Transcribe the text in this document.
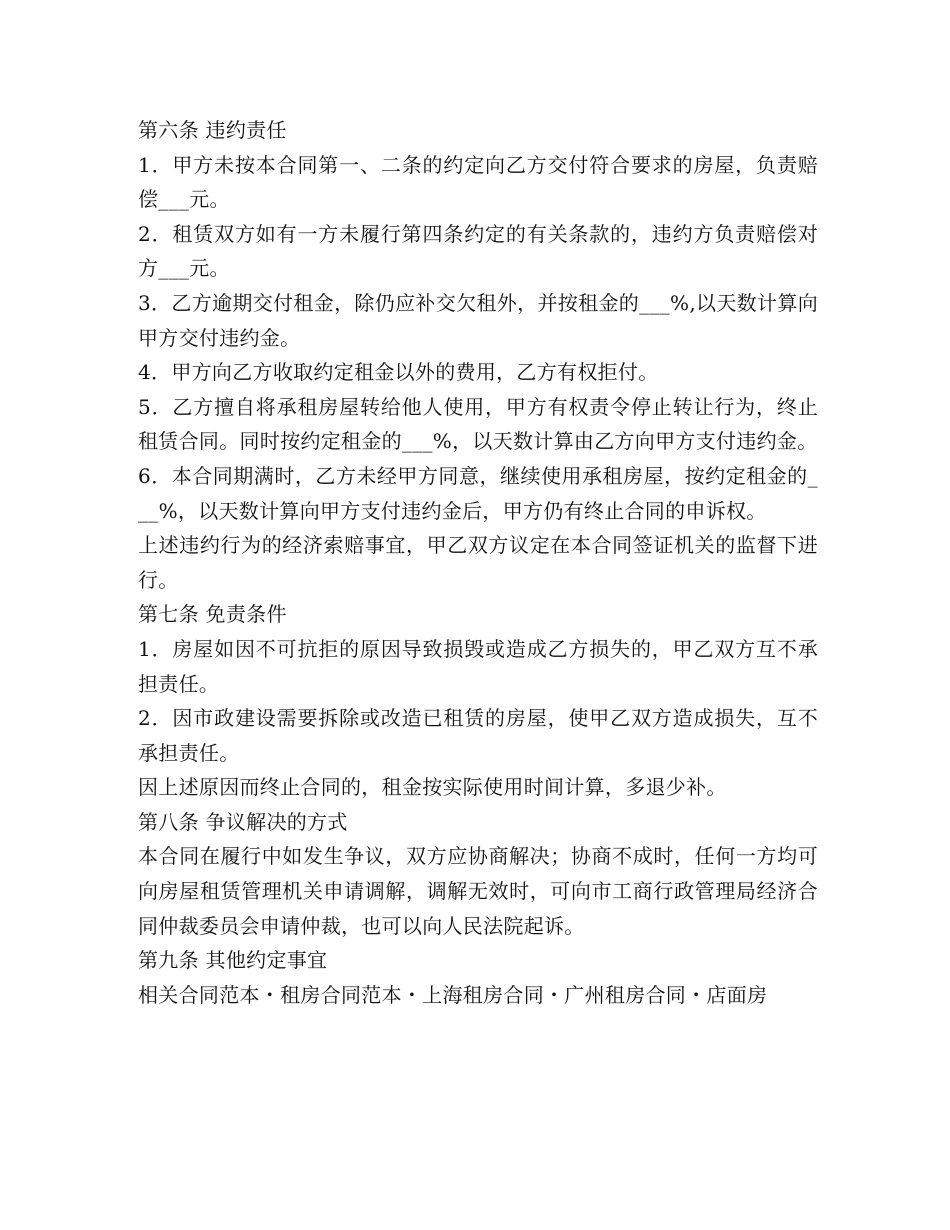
第六条 违约责任

1．甲方未按本合同第一、二条的约定向乙方交付符合要求的房屋，负责赔偿___元。

2．租赁双方如有一方未履行第四条约定的有关条款的，违约方负责赔偿对方___元。

3．乙方逾期交付租金，除仍应补交欠租外，并按租金的___%,以天数计算向甲方交付违约金。

4．甲方向乙方收取约定租金以外的费用，乙方有权拒付。

5．乙方擅自将承租房屋转给他人使用，甲方有权责令停止转让行为，终止租赁合同。同时按约定租金的___%，以天数计算由乙方向甲方支付违约金。

6．本合同期满时，乙方未经甲方同意，继续使用承租房屋，按约定租金的___%，以天数计算向甲方支付违约金后，甲方仍有终止合同的申诉权。

上述违约行为的经济索赔事宜，甲乙双方议定在本合同签证机关的监督下进行。

第七条 免责条件

1．房屋如因不可抗拒的原因导致损毁或造成乙方损失的，甲乙双方互不承担责任。

2．因市政建设需要拆除或改造已租赁的房屋，使甲乙双方造成损失，互不承担责任。

因上述原因而终止合同的，租金按实际使用时间计算，多退少补。

第八条 争议解决的方式

本合同在履行中如发生争议，双方应协商解决；协商不成时，任何一方均可向房屋租赁管理机关申请调解，调解无效时，可向市工商行政管理局经济合同仲裁委员会申请仲裁，也可以向人民法院起诉。

第九条 其他约定事宜

相关合同范本・租房合同范本・上海租房合同・广州租房合同・店面房
